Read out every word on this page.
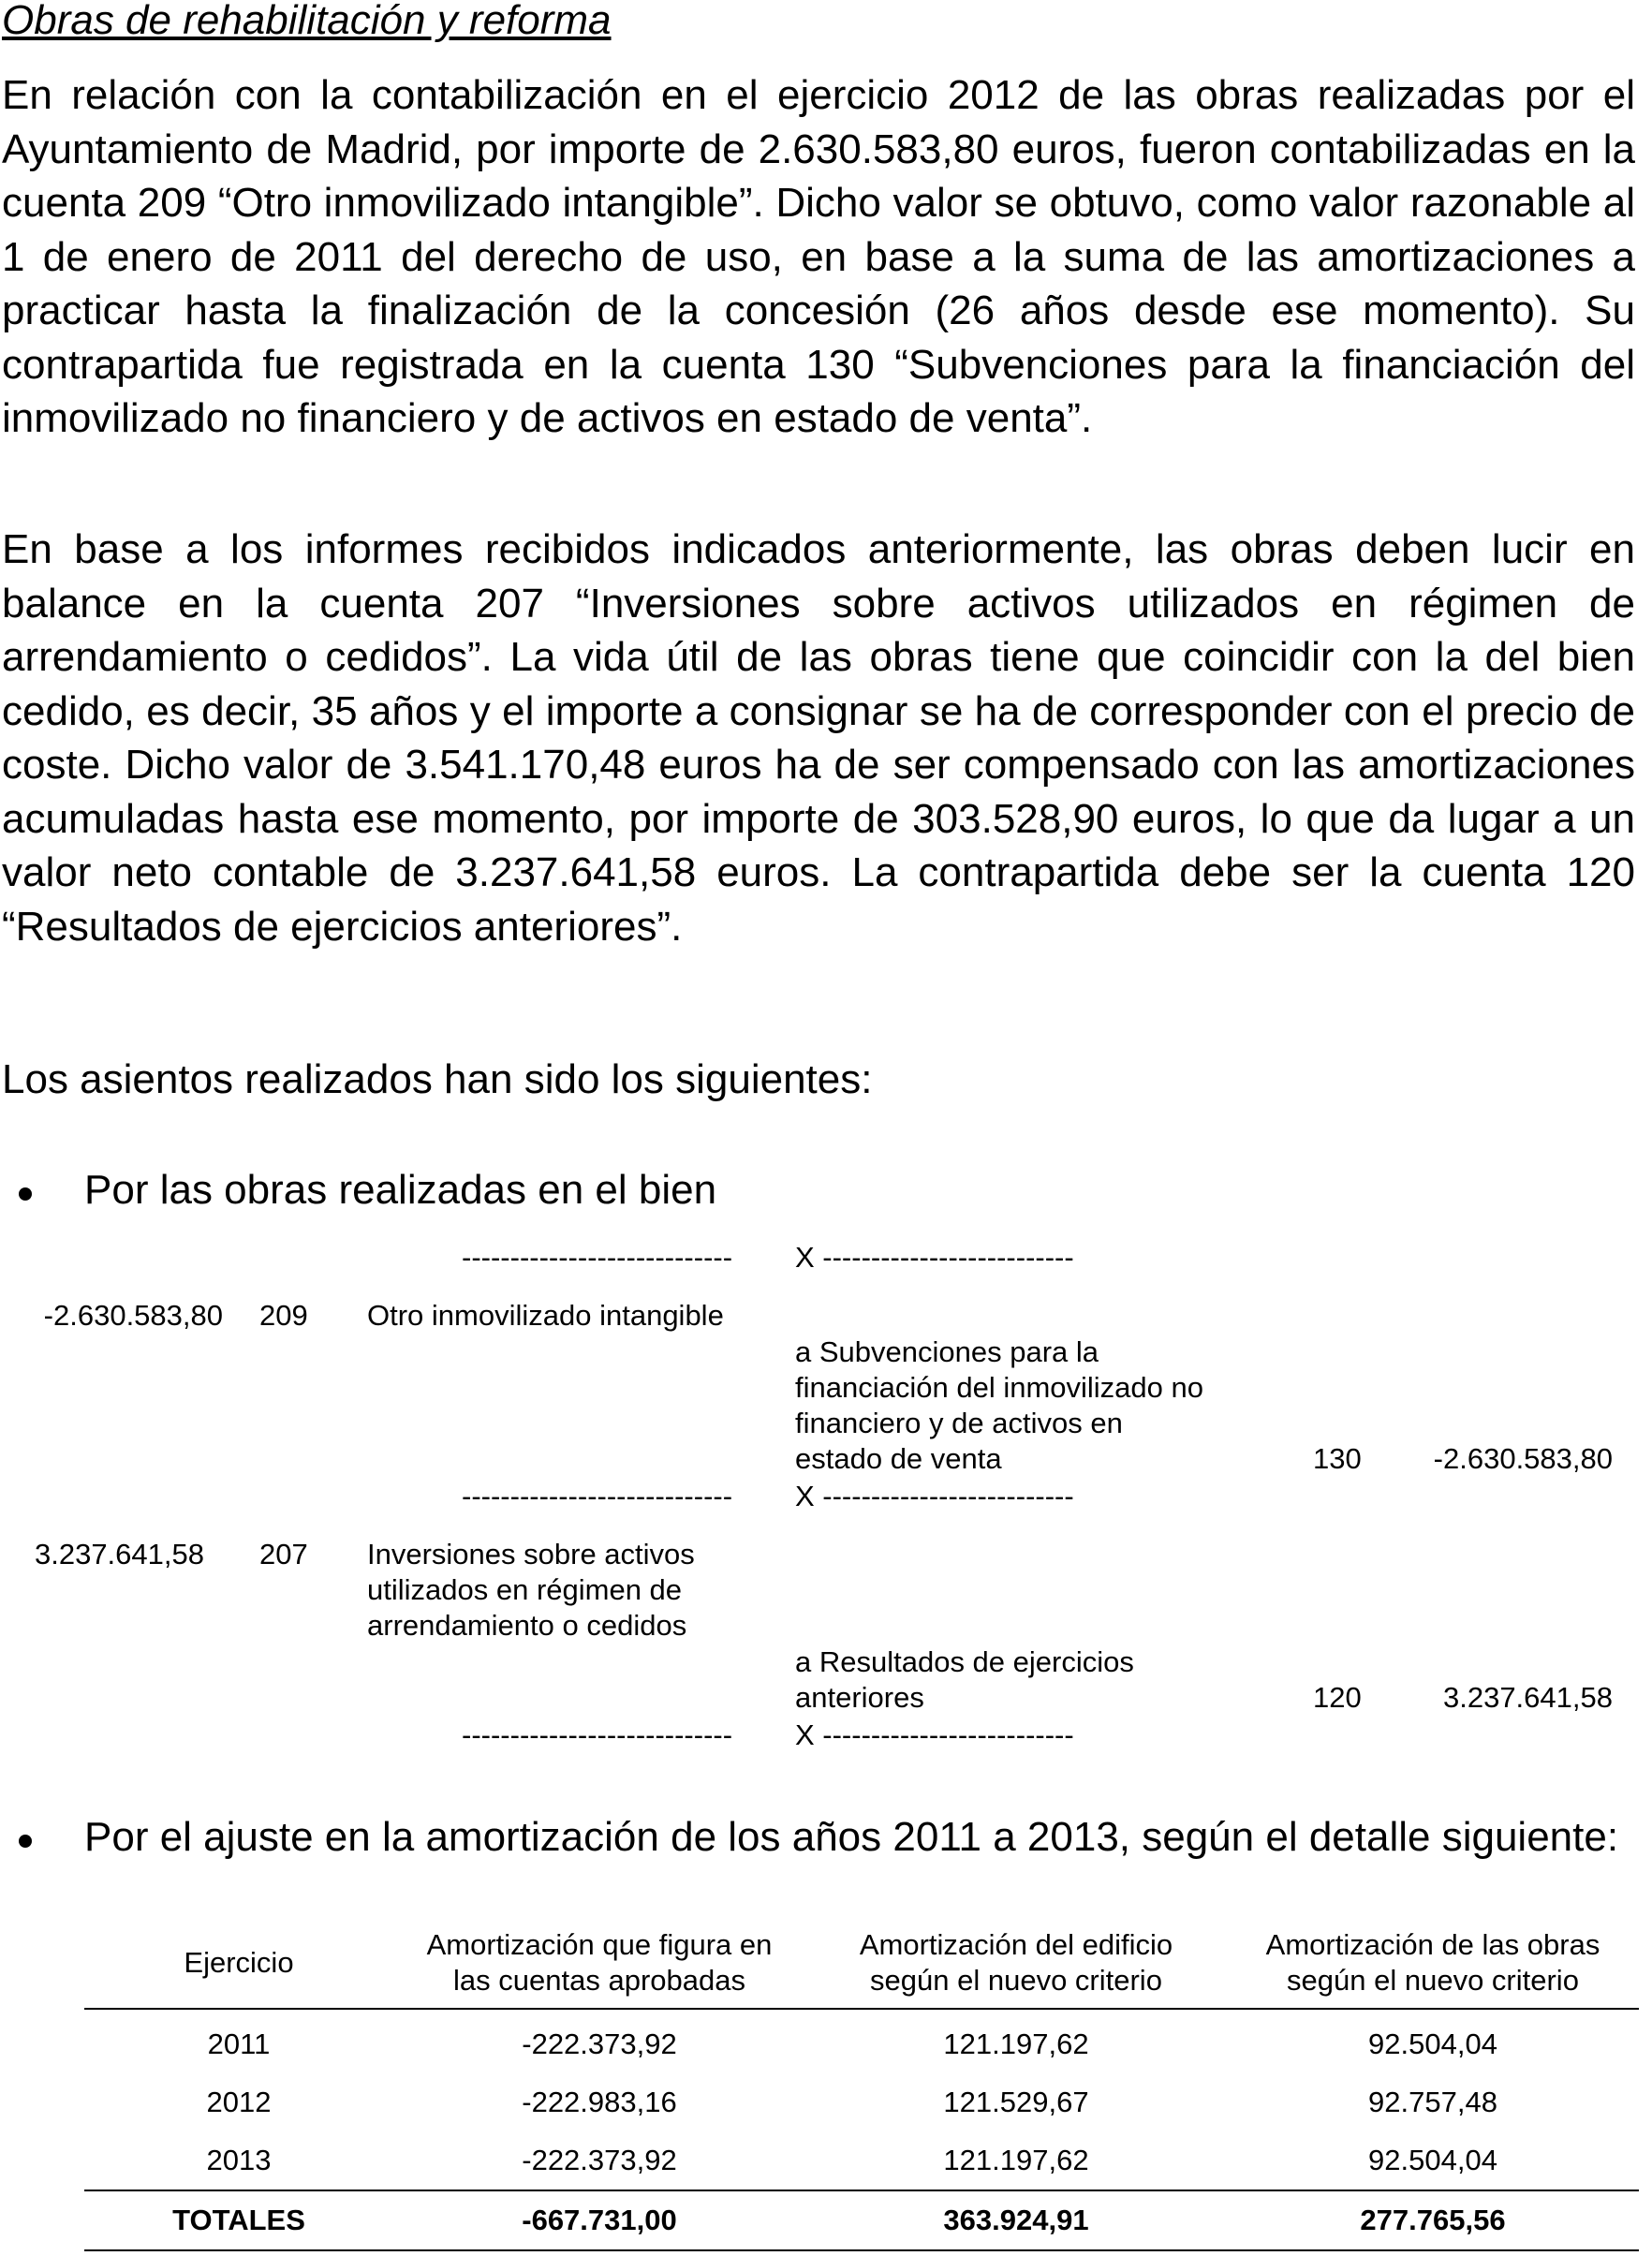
Obras de rehabilitación y reforma

En relación con la contabilización en el ejercicio 2012 de las obras realizadas por el Ayuntamiento de Madrid, por importe de 2.630.583,80 euros, fueron contabilizadas en la cuenta 209 “Otro inmovilizado intangible”. Dicho valor se obtuvo, como valor razonable al 1 de enero de 2011 del derecho de uso, en base a la suma de las amortizaciones a practicar hasta la finalización de la concesión (26 años desde ese momento). Su contrapartida fue registrada en la cuenta 130 “Subvenciones para la financiación del inmovilizado no financiero y de activos en estado de venta”.

En base a los informes recibidos indicados anteriormente, las obras deben lucir en balance en la cuenta 207 “Inversiones sobre activos utilizados en régimen de arrendamiento o cedidos”. La vida útil de las obras tiene que coincidir con la del bien cedido, es decir, 35 años y el importe a consignar se ha de corresponder con el precio de coste. Dicho valor de 3.541.170,48 euros ha de ser compensado con las amortizaciones acumuladas hasta ese momento, por importe de 303.528,90 euros, lo que da lugar a un valor neto contable de 3.237.641,58 euros. La contrapartida debe ser la cuenta 120 “Resultados de ejercicios anteriores”.

Los asientos realizados han sido los siguientes:

Por las obras realizadas en el bien
---------------------------- X --------------------------
-2.630.583,80 209 Otro inmovilizado intangible
a Subvenciones para la financiación del inmovilizado no financiero y de activos en estado de venta	130	-2.630.583,80
---------------------------- X --------------------------
3.237.641,58 207 Inversiones sobre activos utilizados en régimen de arrendamiento o cedidos
a Resultados de ejercicios anteriores	120	3.237.641,58
---------------------------- X --------------------------
Por el ajuste en la amortización de los años 2011 a 2013, según el detalle siguiente:
Ejercicio	Amortización que figura en las cuentas aprobadas	Amortización del edificio según el nuevo criterio	Amortización de las obras según el nuevo criterio
2011	-222.373,92	121.197,62	92.504,04
2012	-222.983,16	121.529,67	92.757,48
2013	-222.373,92	121.197,62	92.504,04
TOTALES	-667.731,00	363.924,91	277.765,56
